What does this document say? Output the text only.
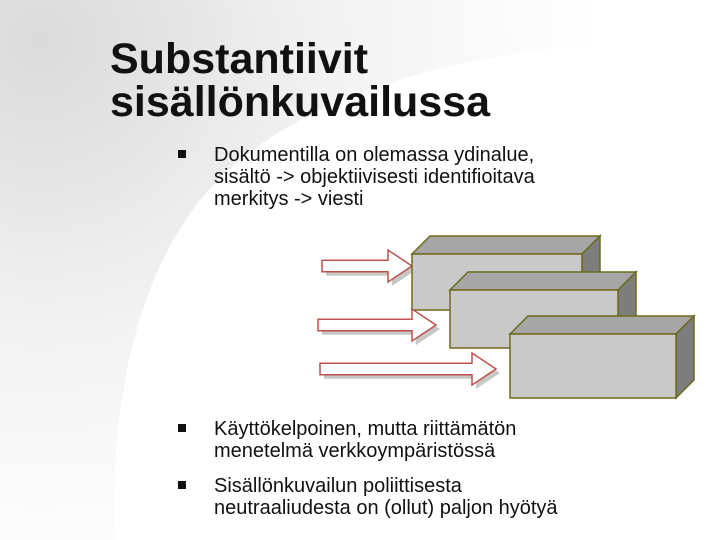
Substantiivit
sisällönkuvailussa
Dokumentilla on olemassa ydinalue,
sisältö -> objektiivisesti identifioitava
merkitys -> viesti
Käyttökelpoinen, mutta riittämätön
menetelmä verkkoympäristössä
Sisällönkuvailun poliittisesta
neutraaliudesta on (ollut) paljon hyötyä
